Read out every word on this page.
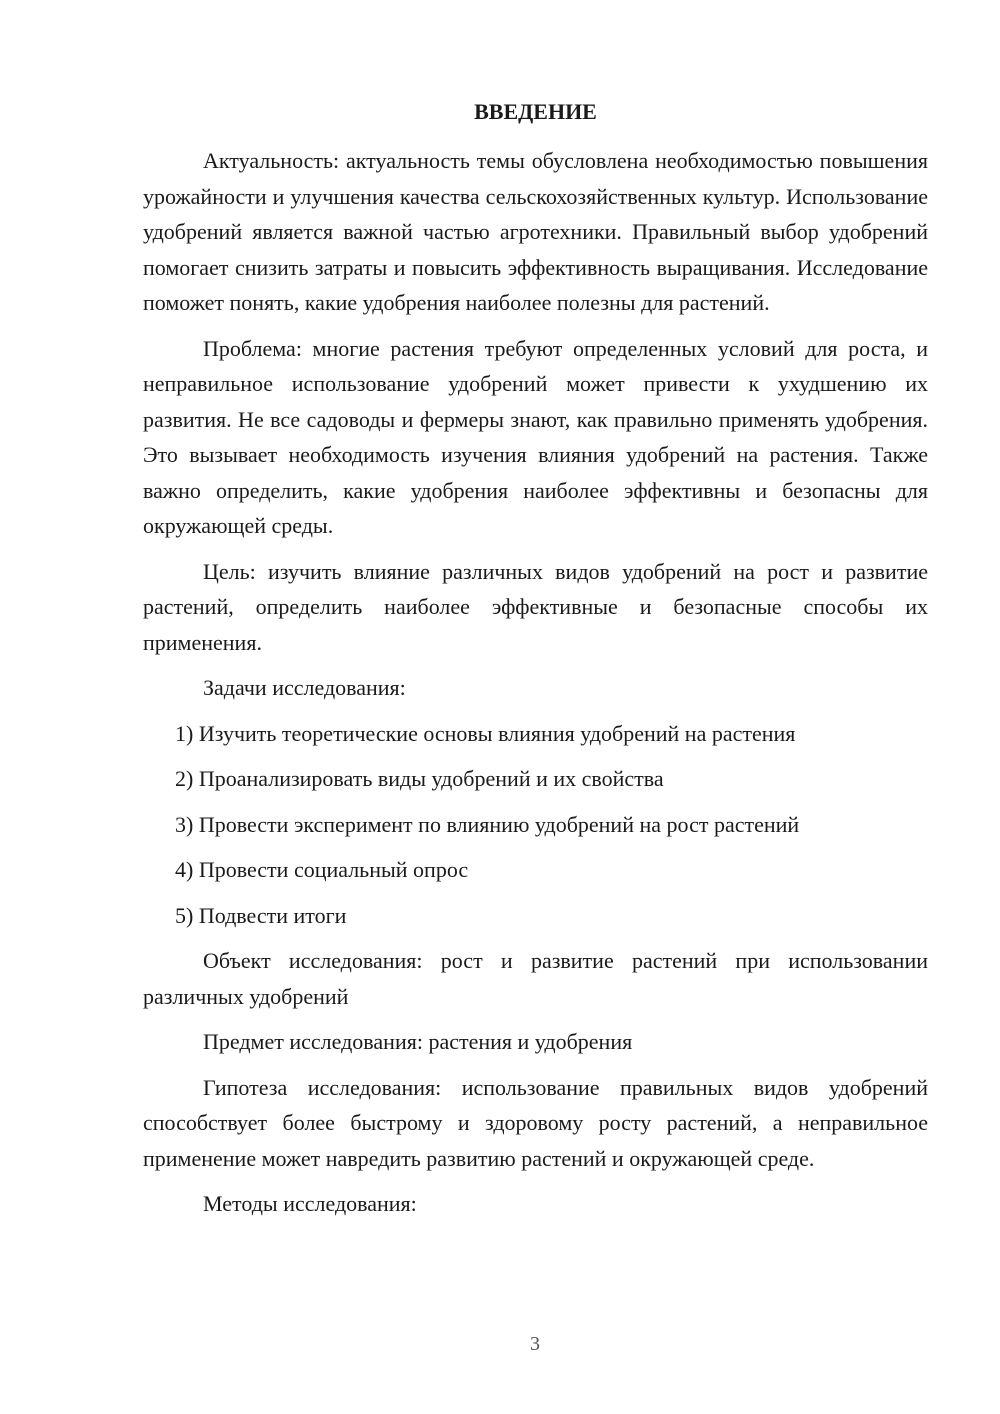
ВВЕДЕНИЕ

Актуальность: актуальность темы обусловлена необходимостью повышения урожайности и улучшения качества сельскохозяйственных культур. Использование удобрений является важной частью агротехники. Правильный выбор удобрений помогает снизить затраты и повысить эффективность выращивания. Исследование поможет понять, какие удобрения наиболее полезны для растений.

Проблема: многие растения требуют определенных условий для роста, и неправильное использование удобрений может привести к ухудшению их развития. Не все садоводы и фермеры знают, как правильно применять удобрения. Это вызывает необходимость изучения влияния удобрений на растения. Также важно определить, какие удобрения наиболее эффективны и безопасны для окружающей среды.

Цель: изучить влияние различных видов удобрений на рост и развитие растений, определить наиболее эффективные и безопасные способы их применения.

Задачи исследования:

1) Изучить теоретические основы влияния удобрений на растения
2) Проанализировать виды удобрений и их свойства
3) Провести эксперимент по влиянию удобрений на рост растений
4) Провести социальный опрос
5) Подвести итоги

Объект исследования: рост и развитие растений при использовании различных удобрений

Предмет исследования: растения и удобрения

Гипотеза исследования: использование правильных видов удобрений способствует более быстрому и здоровому росту растений, а неправильное применение может навредить развитию растений и окружающей среде.

Методы исследования:

3
